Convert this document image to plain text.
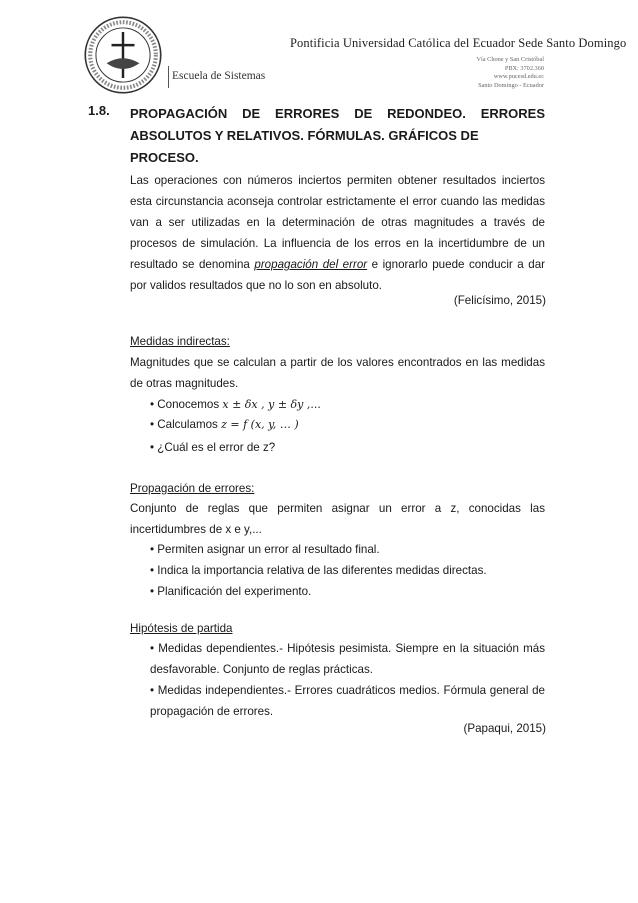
Escuela de Sistemas
Pontificia Universidad Católica del Ecuador Sede Santo Domingo
Vía Chone y San Cristóbal
PBX: 3702.360
www.pucesd.edu.ec
Santo Domingo - Ecuador
1.8. PROPAGACIÓN DE ERRORES DE REDONDEO. ERRORES
ABSOLUTOS Y RELATIVOS. FÓRMULAS. GRÁFICOS DE PROCESO.
Las operaciones con números inciertos permiten obtener resultados inciertos esta circunstancia aconseja controlar estrictamente el error cuando las medidas van a ser utilizadas en la determinación de otras magnitudes a través de procesos de simulación. La influencia de los erros en la incertidumbre de un resultado se denomina propagación del error e ignorarlo puede conducir a dar por validos resultados que no lo son en absoluto.
(Felicísimo, 2015)
Medidas indirectas:
Magnitudes que se calculan a partir de los valores encontrados en las medidas de otras magnitudes.
• Conocemos x ± δx , y ± δy ,...
• Calculamos z = f (x, y, … )
• ¿Cuál es el error de z?
Propagación de errores:
Conjunto de reglas que permiten asignar un error a z, conocidas las incertidumbres de x e y,...
• Permiten asignar un error al resultado final.
• Indica la importancia relativa de las diferentes medidas directas.
• Planificación del experimento.
Hipótesis de partida
• Medidas dependientes.- Hipótesis pesimista. Siempre en la situación más desfavorable. Conjunto de reglas prácticas.
• Medidas independientes.- Errores cuadráticos medios. Fórmula general de propagación de errores.
(Papaqui, 2015)
